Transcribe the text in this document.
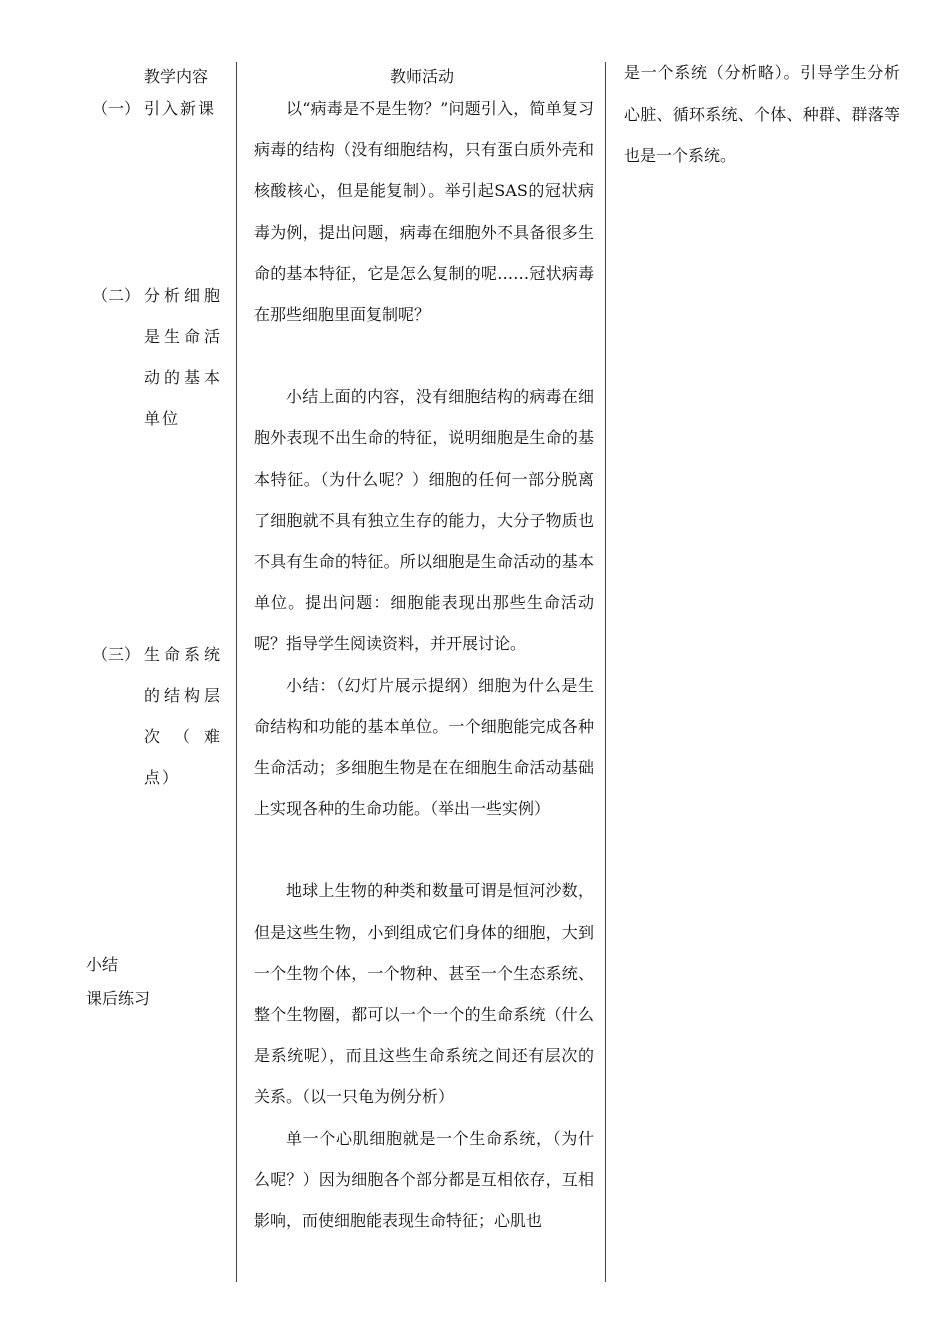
教学内容	教师活动
（一） 引入新课
（二） 分析细胞是生命活动的基本单位
（三） 生命系统的结构层次（难点）
小结
课后练习

以“病毒是不是生物？”问题引入，简单复习病毒的结构（没有细胞结构，只有蛋白质外壳和核酸核心，但是能复制）。举引起SAS的冠状病毒为例，提出问题，病毒在细胞外不具备很多生命的基本特征，它是怎么复制的呢……冠状病毒在那些细胞里面复制呢？

小结上面的内容，没有细胞结构的病毒在细胞外表现不出生命的特征，说明细胞是生命的基本特征。（为什么呢？）细胞的任何一部分脱离了细胞就不具有独立生存的能力，大分子物质也不具有生命的特征。所以细胞是生命活动的基本单位。提出问题：细胞能表现出那些生命活动呢？指导学生阅读资料，并开展讨论。

小结：（幻灯片展示提纲）细胞为什么是生命结构和功能的基本单位。一个细胞能完成各种生命活动；多细胞生物是在在细胞生命活动基础上实现各种的生命功能。（举出一些实例）

地球上生物的种类和数量可谓是恒河沙数，但是这些生物，小到组成它们身体的细胞，大到一个生物个体，一个物种、甚至一个生态系统、整个生物圈，都可以一个一个的生命系统（什么是系统呢），而且这些生命系统之间还有层次的关系。（以一只龟为例分析）

单一个心肌细胞就是一个生命系统，（为什么呢？）因为细胞各个部分都是互相依存，互相影响，而使细胞能表现生命特征；心肌也

是一个系统（分析略）。引导学生分析心脏、循环系统、个体、种群、群落等也是一个系统。
